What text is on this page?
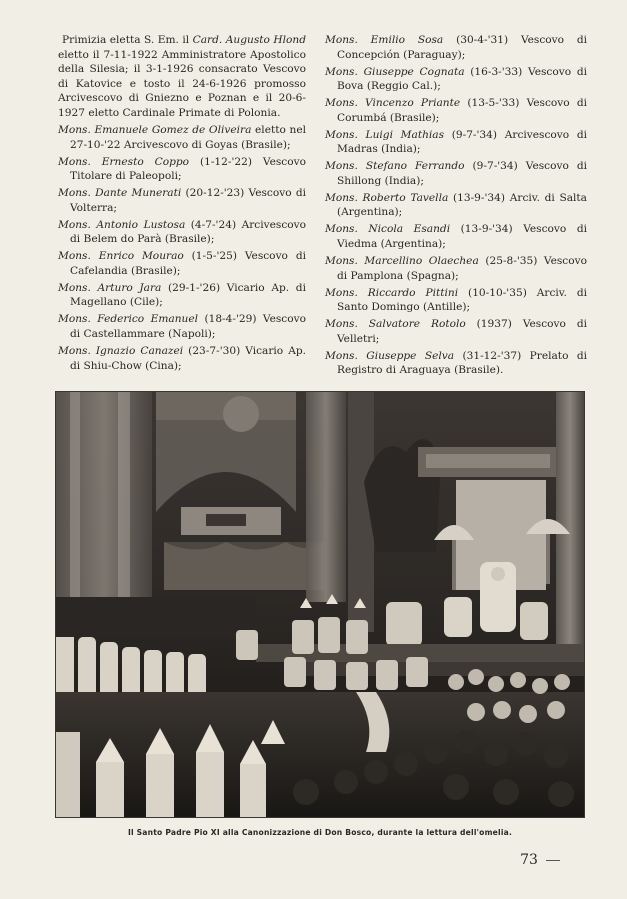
Primizia eletta S. Em. il Card. Augusto Hlond eletto il 7-11-1922 Amministratore Apostolico della Silesia; il 3-1-1926 consacrato Vescovo di Katovice e tosto il 24-6-1926 promosso Arcivescovo di Gniezno e Poznan e il 20-6-1927 eletto Cardinale Primate di Polonia.

Mons. Emanuele Gomez de Oliveira eletto nel 27-10-'22 Arcivescovo di Goyas (Brasile);

Mons. Ernesto Coppo (1-12-'22) Vescovo Titolare di Paleopoli;

Mons. Dante Munerati (20-12-'23) Vescovo di Volterra;

Mons. Antonio Lustosa (4-7-'24) Arcivescovo di Belem do Parà (Brasile);

Mons. Enrico Mourao (1-5-'25) Vescovo di Cafelandia (Brasile);

Mons. Arturo Jara (29-1-'26) Vicario Ap. di Magellano (Cile);

Mons. Federico Emanuel (18-4-'29) Vescovo di Castellammare (Napoli);

Mons. Ignazio Canazei (23-7-'30) Vicario Ap. di Shiu-Chow (Cina);

Mons. Emilio Sosa (30-4-'31) Vescovo di Concepción (Paraguay);

Mons. Giuseppe Cognata (16-3-'33) Vescovo di Bova (Reggio Cal.);

Mons. Vincenzo Priante (13-5-'33) Vescovo di Corumbá (Brasile);

Mons. Luigi Mathias (9-7-'34) Arcivescovo di Madras (India);

Mons. Stefano Ferrando (9-7-'34) Vescovo di Shillong (India);

Mons. Roberto Tavella (13-9-'34) Arciv. di Salta (Argentina);

Mons. Nicola Esandi (13-9-'34) Vescovo di Viedma (Argentina);

Mons. Marcellino Olaechea (25-8-'35) Vescovo di Pamplona (Spagna);

Mons. Riccardo Pittini (10-10-'35) Arciv. di Santo Domingo (Antille);

Mons. Salvatore Rotolo (1937) Vescovo di Velletri;

Mons. Giuseppe Selva (31-12-'37) Prelato di Registro di Araguaya (Brasile).

Il Santo Padre Pio XI alla Canonizzazione di Don Bosco, durante la lettura dell'omelia.
73
